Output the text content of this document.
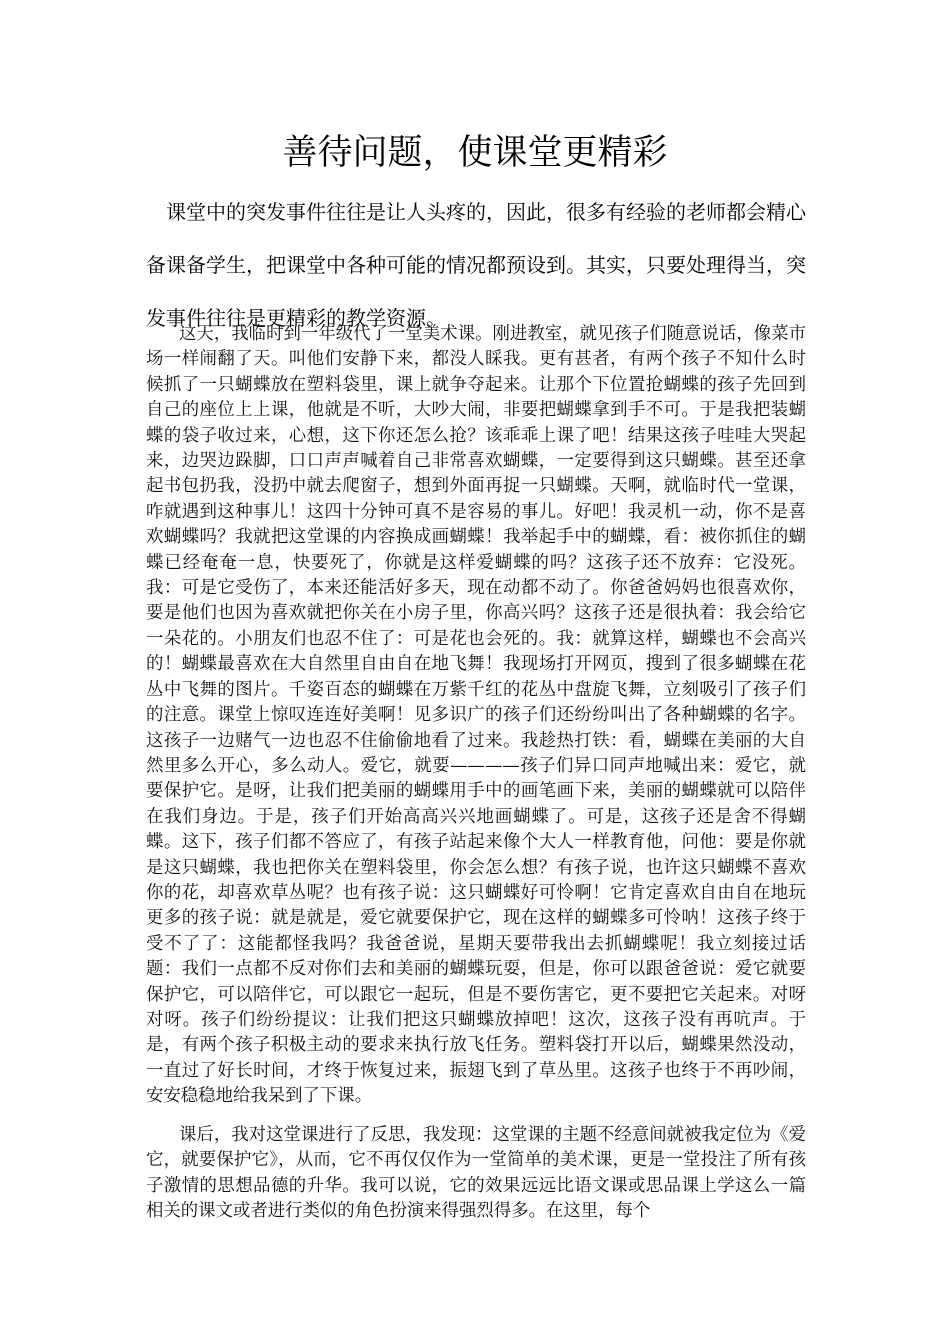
善待问题，使课堂更精彩

课堂中的突发事件往往是让人头疼的，因此，很多有经验的老师都会精心备课备学生，把课堂中各种可能的情况都预设到。其实，只要处理得当，突发事件往往是更精彩的教学资源。

这天，我临时到一年级代了一堂美术课。刚进教室，就见孩子们随意说话，像菜市场一样闹翻了天。叫他们安静下来，都没人睬我。更有甚者，有两个孩子不知什么时候抓了一只蝴蝶放在塑料袋里，课上就争夺起来。让那个下位置抢蝴蝶的孩子先回到自己的座位上上课，他就是不听，大吵大闹，非要把蝴蝶拿到手不可。于是我把装蝴蝶的袋子收过来，心想，这下你还怎么抢？该乖乖上课了吧！结果这孩子哇哇大哭起来，边哭边跺脚，口口声声喊着自己非常喜欢蝴蝶，一定要得到这只蝴蝶。甚至还拿起书包扔我，没扔中就去爬窗子，想到外面再捉一只蝴蝶。天啊，就临时代一堂课，咋就遇到这种事儿！这四十分钟可真不是容易的事儿。好吧！我灵机一动，你不是喜欢蝴蝶吗？我就把这堂课的内容换成画蝴蝶！我举起手中的蝴蝶，看：被你抓住的蝴蝶已经奄奄一息，快要死了，你就是这样爱蝴蝶的吗？这孩子还不放弃：它没死。我：可是它受伤了，本来还能活好多天，现在动都不动了。你爸爸妈妈也很喜欢你，要是他们也因为喜欢就把你关在小房子里，你高兴吗？这孩子还是很执着：我会给它一朵花的。小朋友们也忍不住了：可是花也会死的。我：就算这样，蝴蝶也不会高兴的！蝴蝶最喜欢在大自然里自由自在地飞舞！我现场打开网页，搜到了很多蝴蝶在花丛中飞舞的图片。千姿百态的蝴蝶在万紫千红的花丛中盘旋飞舞，立刻吸引了孩子们的注意。课堂上惊叹连连好美啊！见多识广的孩子们还纷纷叫出了各种蝴蝶的名字。这孩子一边赌气一边也忍不住偷偷地看了过来。我趁热打铁：看，蝴蝶在美丽的大自然里多么开心，多么动人。爱它，就要————孩子们异口同声地喊出来：爱它，就要保护它。是呀，让我们把美丽的蝴蝶用手中的画笔画下来，美丽的蝴蝶就可以陪伴在我们身边。于是，孩子们开始高高兴兴地画蝴蝶了。可是，这孩子还是舍不得蝴蝶。这下，孩子们都不答应了，有孩子站起来像个大人一样教育他，问他：要是你就是这只蝴蝶，我也把你关在塑料袋里，你会怎么想？有孩子说，也许这只蝴蝶不喜欢你的花，却喜欢草丛呢？也有孩子说：这只蝴蝶好可怜啊！它肯定喜欢自由自在地玩更多的孩子说：就是就是，爱它就要保护它，现在这样的蝴蝶多可怜呐！这孩子终于受不了了：这能都怪我吗？我爸爸说，星期天要带我出去抓蝴蝶呢！我立刻接过话题：我们一点都不反对你们去和美丽的蝴蝶玩耍，但是，你可以跟爸爸说：爱它就要保护它，可以陪伴它，可以跟它一起玩，但是不要伤害它，更不要把它关起来。对呀对呀。孩子们纷纷提议：让我们把这只蝴蝶放掉吧！这次，这孩子没有再吭声。于是，有两个孩子积极主动的要求来执行放飞任务。塑料袋打开以后，蝴蝶果然没动，一直过了好长时间，才终于恢复过来，振翅飞到了草丛里。这孩子也终于不再吵闹，安安稳稳地给我呆到了下课。

课后，我对这堂课进行了反思，我发现：这堂课的主题不经意间就被我定位为《爱它，就要保护它》，从而，它不再仅仅作为一堂简单的美术课，更是一堂投注了所有孩子激情的思想品德的升华。我可以说，它的效果远远比语文课或思品课上学这么一篇相关的课文或者进行类似的角色扮演来得强烈得多。在这里，每个
